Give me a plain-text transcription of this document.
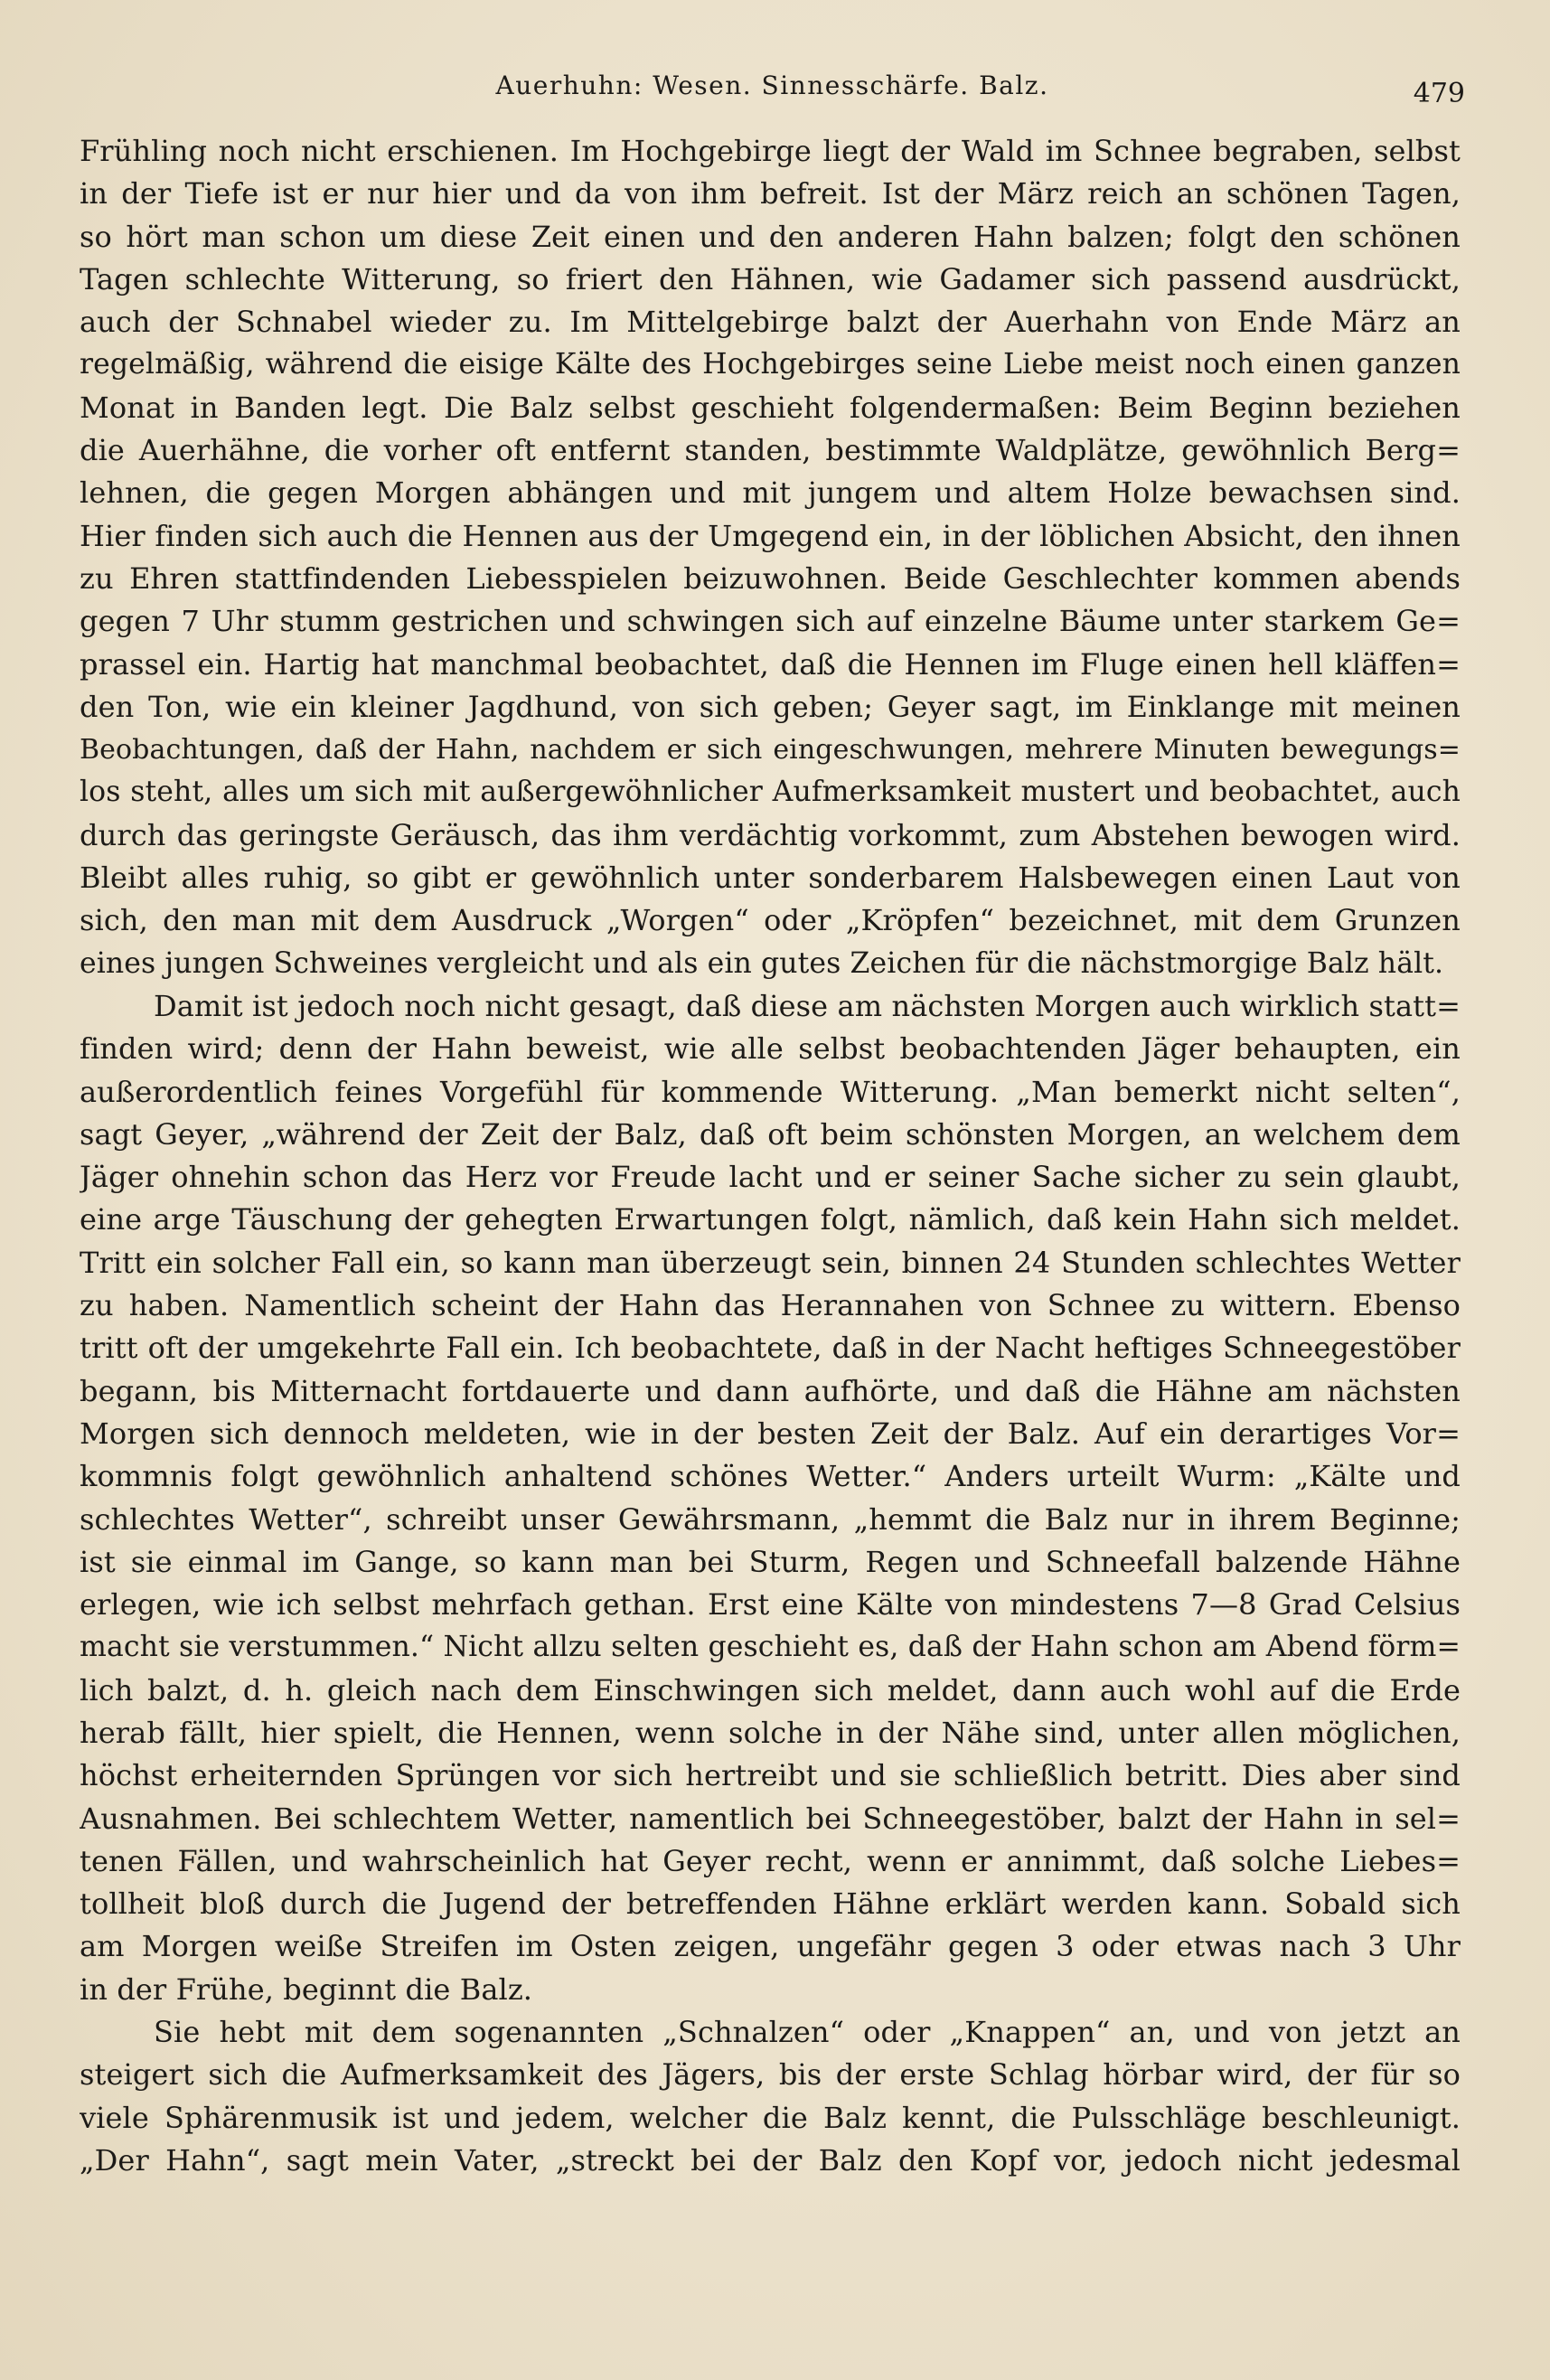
Auerhuhn: Wesen. Sinnesschärfe. Balz.	479
Frühling noch nicht erschienen. Im Hochgebirge liegt der Wald im Schnee begraben, selbst
in der Tiefe ist er nur hier und da von ihm befreit. Ist der März reich an schönen Tagen,
so hört man schon um diese Zeit einen und den anderen Hahn balzen; folgt den schönen
Tagen schlechte Witterung, so friert den Hähnen, wie Gadamer sich passend ausdrückt,
auch der Schnabel wieder zu. Im Mittelgebirge balzt der Auerhahn von Ende März an
regelmäßig, während die eisige Kälte des Hochgebirges seine Liebe meist noch einen ganzen
Monat in Banden legt. Die Balz selbst geschieht folgendermaßen: Beim Beginn beziehen
die Auerhähne, die vorher oft entfernt standen, bestimmte Waldplätze, gewöhnlich Berg=
lehnen, die gegen Morgen abhängen und mit jungem und altem Holze bewachsen sind.
Hier finden sich auch die Hennen aus der Umgegend ein, in der löblichen Absicht, den ihnen
zu Ehren stattfindenden Liebesspielen beizuwohnen. Beide Geschlechter kommen abends
gegen 7 Uhr stumm gestrichen und schwingen sich auf einzelne Bäume unter starkem Ge=
prassel ein. Hartig hat manchmal beobachtet, daß die Hennen im Fluge einen hell kläffen=
den Ton, wie ein kleiner Jagdhund, von sich geben; Geyer sagt, im Einklange mit meinen
Beobachtungen, daß der Hahn, nachdem er sich eingeschwungen, mehrere Minuten bewegungs=
los steht, alles um sich mit außergewöhnlicher Aufmerksamkeit mustert und beobachtet, auch
durch das geringste Geräusch, das ihm verdächtig vorkommt, zum Abstehen bewogen wird.
Bleibt alles ruhig, so gibt er gewöhnlich unter sonderbarem Halsbewegen einen Laut von
sich, den man mit dem Ausdruck „Worgen“ oder „Kröpfen“ bezeichnet, mit dem Grunzen
eines jungen Schweines vergleicht und als ein gutes Zeichen für die nächstmorgige Balz hält.
Damit ist jedoch noch nicht gesagt, daß diese am nächsten Morgen auch wirklich statt=
finden wird; denn der Hahn beweist, wie alle selbst beobachtenden Jäger behaupten, ein
außerordentlich feines Vorgefühl für kommende Witterung. „Man bemerkt nicht selten“,
sagt Geyer, „während der Zeit der Balz, daß oft beim schönsten Morgen, an welchem dem
Jäger ohnehin schon das Herz vor Freude lacht und er seiner Sache sicher zu sein glaubt,
eine arge Täuschung der gehegten Erwartungen folgt, nämlich, daß kein Hahn sich meldet.
Tritt ein solcher Fall ein, so kann man überzeugt sein, binnen 24 Stunden schlechtes Wetter
zu haben. Namentlich scheint der Hahn das Herannahen von Schnee zu wittern. Ebenso
tritt oft der umgekehrte Fall ein. Ich beobachtete, daß in der Nacht heftiges Schneegestöber
begann, bis Mitternacht fortdauerte und dann aufhörte, und daß die Hähne am nächsten
Morgen sich dennoch meldeten, wie in der besten Zeit der Balz. Auf ein derartiges Vor=
kommnis folgt gewöhnlich anhaltend schönes Wetter.“ Anders urteilt Wurm: „Kälte und
schlechtes Wetter“, schreibt unser Gewährsmann, „hemmt die Balz nur in ihrem Beginne;
ist sie einmal im Gange, so kann man bei Sturm, Regen und Schneefall balzende Hähne
erlegen, wie ich selbst mehrfach gethan. Erst eine Kälte von mindestens 7—8 Grad Celsius
macht sie verstummen.“ Nicht allzu selten geschieht es, daß der Hahn schon am Abend förm=
lich balzt, d. h. gleich nach dem Einschwingen sich meldet, dann auch wohl auf die Erde
herab fällt, hier spielt, die Hennen, wenn solche in der Nähe sind, unter allen möglichen,
höchst erheiternden Sprüngen vor sich hertreibt und sie schließlich betritt. Dies aber sind
Ausnahmen. Bei schlechtem Wetter, namentlich bei Schneegestöber, balzt der Hahn in sel=
tenen Fällen, und wahrscheinlich hat Geyer recht, wenn er annimmt, daß solche Liebes=
tollheit bloß durch die Jugend der betreffenden Hähne erklärt werden kann. Sobald sich
am Morgen weiße Streifen im Osten zeigen, ungefähr gegen 3 oder etwas nach 3 Uhr
in der Frühe, beginnt die Balz.
Sie hebt mit dem sogenannten „Schnalzen“ oder „Knappen“ an, und von jetzt an
steigert sich die Aufmerksamkeit des Jägers, bis der erste Schlag hörbar wird, der für so
viele Sphärenmusik ist und jedem, welcher die Balz kennt, die Pulsschläge beschleunigt.
„Der Hahn“, sagt mein Vater, „streckt bei der Balz den Kopf vor, jedoch nicht jedesmal
